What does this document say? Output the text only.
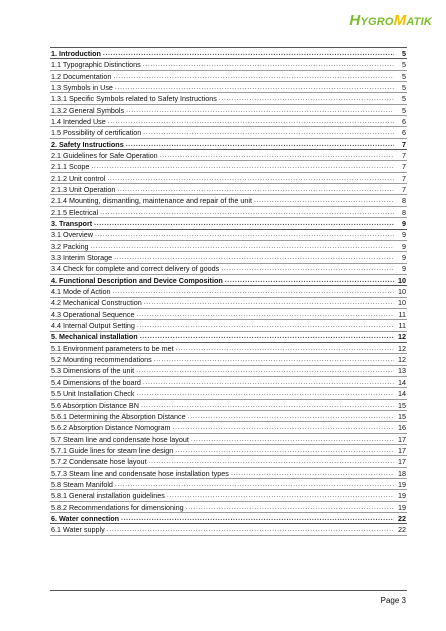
H YGRO M ATIK
1. Introduction .....	5
1.1 Typographic Distinctions .....	5
1.2 Documentation .....	5
1.3 Symbols in Use .....	5
1.3.1 Specific Symbols related to Safety Instructions .....	5
1.3.2 General Symbols .....	5
1.4 Intended Use .....	6
1.5 Possibility of certification .....	6
2. Safety Instructions .....	7
2.1 Guidelines for Safe Operation .....	7
2.1.1 Scope .....	7
2.1.2 Unit control .....	7
2.1.3 Unit Operation .....	7
2.1.4 Mounting, dismantling, maintenance and repair of the unit .....	8
2.1.5 Electrical .....	8
3. Transport .....	9
3.1 Overview .....	9
3.2 Packing .....	9
3.3 Interim Storage .....	9
3.4 Check for complete and correct delivery of goods .....	9
4. Functional Description and Device Composition .....	10
4.1 Mode of Action .....	10
4.2 Mechanical Construction .....	10
4.3 Operational Sequence .....	11
4.4 Internal Output Setting .....	11
5. Mechanical installation .....	12
5.1 Environment parameters to be met .....	12
5.2 Mounting recommendations .....	12
5.3 Dimensions of the unit .....	13
5.4 Dimensions of the board .....	14
5.5 Unit Installation Check .....	14
5.6 Absorption Distance BN .....	15
5.6.1 Determining the Absorption Distance .....	15
5.6.2 Absorption Distance Nomogram .....	16
5.7 Steam line and condensate hose layout .....	17
5.7.1 Guide lines for steam line design .....	17
5.7.2 Condensate hose layout .....	17
5.7.3 Steam line and condensate hose installation types .....	18
5.8 Steam Manifold .....	19
5.8.1 General installation guidelines .....	19
5.8.2 Recommendations for dimensioning .....	19
6. Water connection .....	22
6.1 Water supply .....	22
Page 3
